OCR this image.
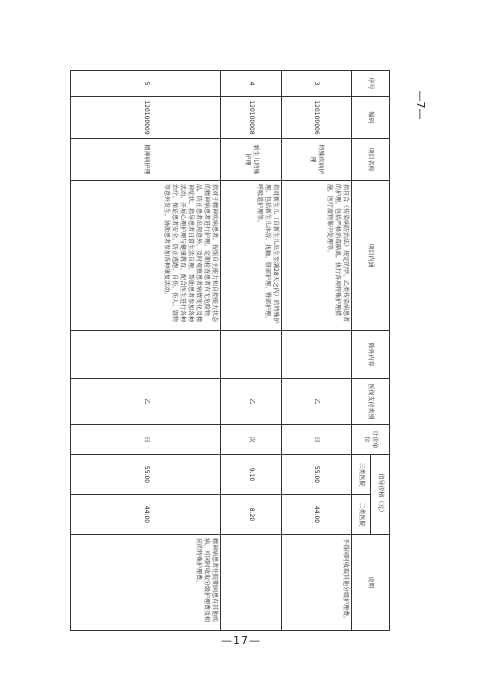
—7—
序号	编码	项目名称	项目内涵	除外内容	医保支付类别	计价单位	指导价格（元）		说明
							三类医院	二类医院	
3	120100006	特殊疾病护理	指符合《传染病防治法》规定的甲、乙类传染病患者的护理。包括严格消毒隔离，执行各项特殊护理措施，医疗废物集中处理等。		乙	日	55.00	44.00	不得同时收取其他分级护理费。
4	120100008	新生儿特殊护理	指对新生儿（自新生儿出生至满28天之内）的特殊护理。包括新生儿沐浴、抚触、脐部护理、臀部护理、呼吸道护理等。		乙	次	9.10	8.20	
5	120100009	精神病护理	指对于精神疾病患者，按照自主能力和自控能力状态的精神病患者进行护理。定期检查患者有无危险物品，防止患者出现意外，及时观察患者病情变化及精神症状，指导患者日常生活自理，帮助患者参加各种活动，开展心理护理与健康教育，配合医生进行各种治疗，保证患者安全。防止逃跑、自伤、伤人、毁物等意外发生，协助患者参加各种康复活动。		乙	日	55.00	44.00	精神病患者住院期间患有其他疾病，可同时收取分级护理费及相应的特殊护理费。
—17—
